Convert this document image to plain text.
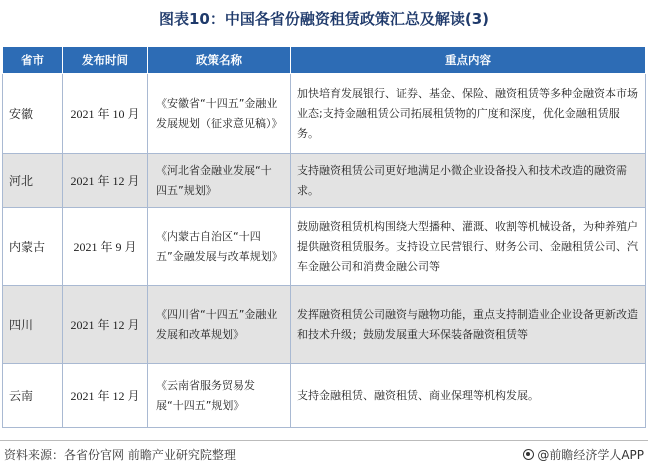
图表10：中国各省份融资租赁政策汇总及解读(3)
省市	发布时间	政策名称	重点内容
安徽	2021 年 10 月	《安徽省“十四五”金融业发展规划（征求意见稿）》	加快培育发展银行、证券、基金、保险、融资租赁等多种金融资本市场业态;支持金融租赁公司拓展租赁物的广度和深度，优化金融租赁服务。

河北	2021 年 12 月	《河北省金融业发展“十四五”规划》	支持融资租赁公司更好地满足小微企业设备投入和技术改造的融资需求。

内蒙古	2021 年 9 月	《内蒙古自治区“十四五”金融发展与改革规划》	鼓励融资租赁机构围绕大型播种、灌溉、收割等机械设备，为种养殖户提供融资租赁服务。支持设立民营银行、财务公司、金融租赁公司、汽车金融公司和消费金融公司等

四川	2021 年 12 月	《四川省“十四五”金融业发展和改革规划》	发挥融资租赁公司融资与融物功能，重点支持制造业企业设备更新改造和技术升级；鼓励发展重大环保装备融资租赁等

云南	2021 年 12 月	《云南省服务贸易发展“十四五”规划》	支持金融租赁、融资租赁、商业保理等机构发展。
资料来源：各省份官网 前瞻产业研究院整理	@前瞻经济学人APP
